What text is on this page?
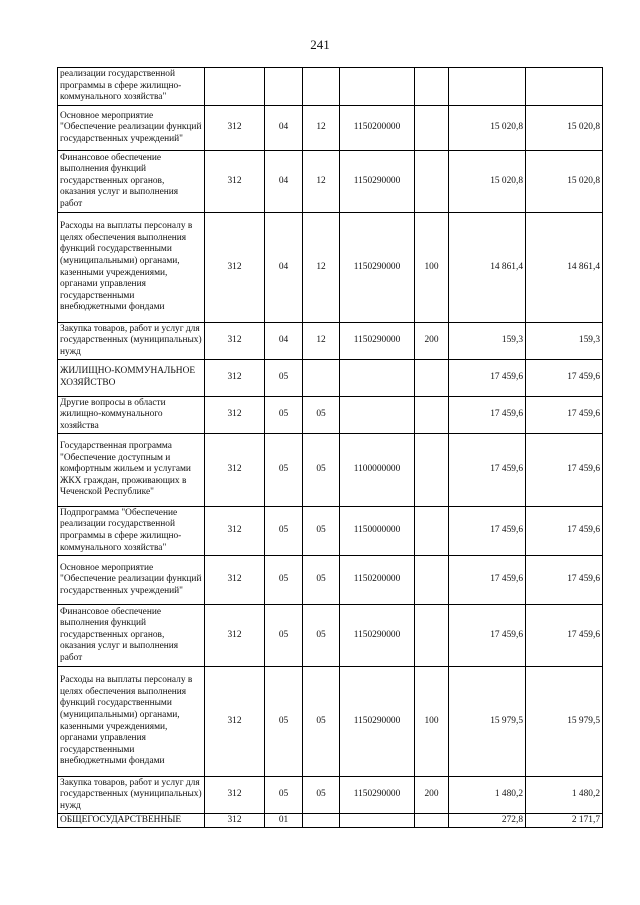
241
реализации государственной программы в сфере жилищно-коммунального хозяйства"							
Основное мероприятие "Обеспечение реализации функций государственных учреждений"	312	04	12	1150200000		15 020,8	15 020,8
Финансовое обеспечение выполнения функций государственных органов, оказания услуг и выполнения работ	312	04	12	1150290000		15 020,8	15 020,8
Расходы на выплаты персоналу в целях обеспечения выполнения функций государственными (муниципальными) органами, казенными учреждениями, органами управления государственными внебюджетными фондами	312	04	12	1150290000	100	14 861,4	14 861,4
Закупка товаров, работ и услуг для государственных (муниципальных) нужд	312	04	12	1150290000	200	159,3	159,3
ЖИЛИЩНО-КОММУНАЛЬНОЕ ХОЗЯЙСТВО	312	05				17 459,6	17 459,6
Другие вопросы в области жилищно-коммунального хозяйства	312	05	05			17 459,6	17 459,6
Государственная программа "Обеспечение доступным и комфортным жильем и услугами ЖКХ граждан, проживающих в Чеченской Республике"	312	05	05	1100000000		17 459,6	17 459,6
Подпрограмма "Обеспечение реализации государственной программы в сфере жилищно-коммунального хозяйства"	312	05	05	1150000000		17 459,6	17 459,6
Основное мероприятие "Обеспечение реализации функций государственных учреждений"	312	05	05	1150200000		17 459,6	17 459,6
Финансовое обеспечение выполнения функций государственных органов, оказания услуг и выполнения работ	312	05	05	1150290000		17 459,6	17 459,6
Расходы на выплаты персоналу в целях обеспечения выполнения функций государственными (муниципальными) органами, казенными учреждениями, органами управления государственными внебюджетными фондами	312	05	05	1150290000	100	15 979,5	15 979,5
Закупка товаров, работ и услуг для государственных (муниципальных) нужд	312	05	05	1150290000	200	1 480,2	1 480,2
ОБЩЕГОСУДАРСТВЕННЫЕ	312	01				272,8	2 171,7
